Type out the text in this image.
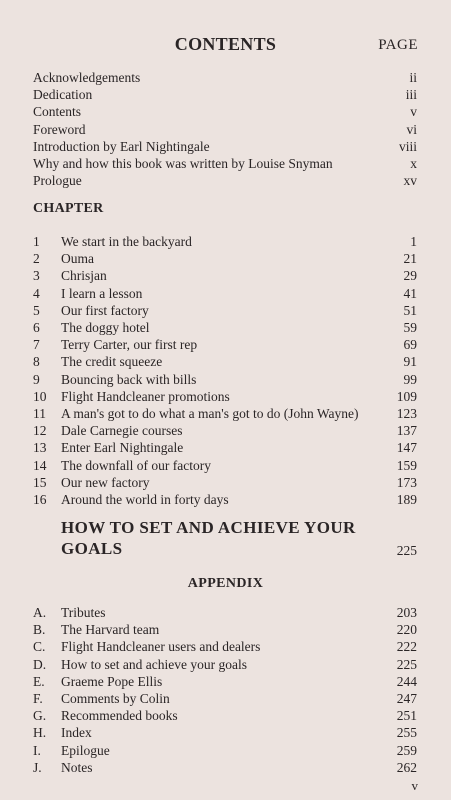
CONTENTS	PAGE
Acknowledgements	ii
Dedication	iii
Contents	v
Foreword	vi
Introduction by Earl Nightingale	viii
Why and how this book was written by Louise Snyman	x
Prologue	xv
CHAPTER
1	We start in the backyard	1
2	Ouma	21
3	Chrisjan	29
4	I learn a lesson	41
5	Our first factory	51
6	The doggy hotel	59
7	Terry Carter, our first rep	69
8	The credit squeeze	91
9	Bouncing back with bills	99
10	Flight Handcleaner promotions	109
11	A man's got to do what a man's got to do (John Wayne)	123
12	Dale Carnegie courses	137
13	Enter Earl Nightingale	147
14	The downfall of our factory	159
15	Our new factory	173
16	Around the world in forty days	189
HOW TO SET AND ACHIEVE YOUR GOALS	225
APPENDIX
A.	Tributes	203
B.	The Harvard team	220
C.	Flight Handcleaner users and dealers	222
D.	How to set and achieve your goals	225
E.	Graeme Pope Ellis	244
F.	Comments by Colin	247
G.	Recommended books	251
H.	Index	255
I.	Epilogue	259
J.	Notes	262
v
